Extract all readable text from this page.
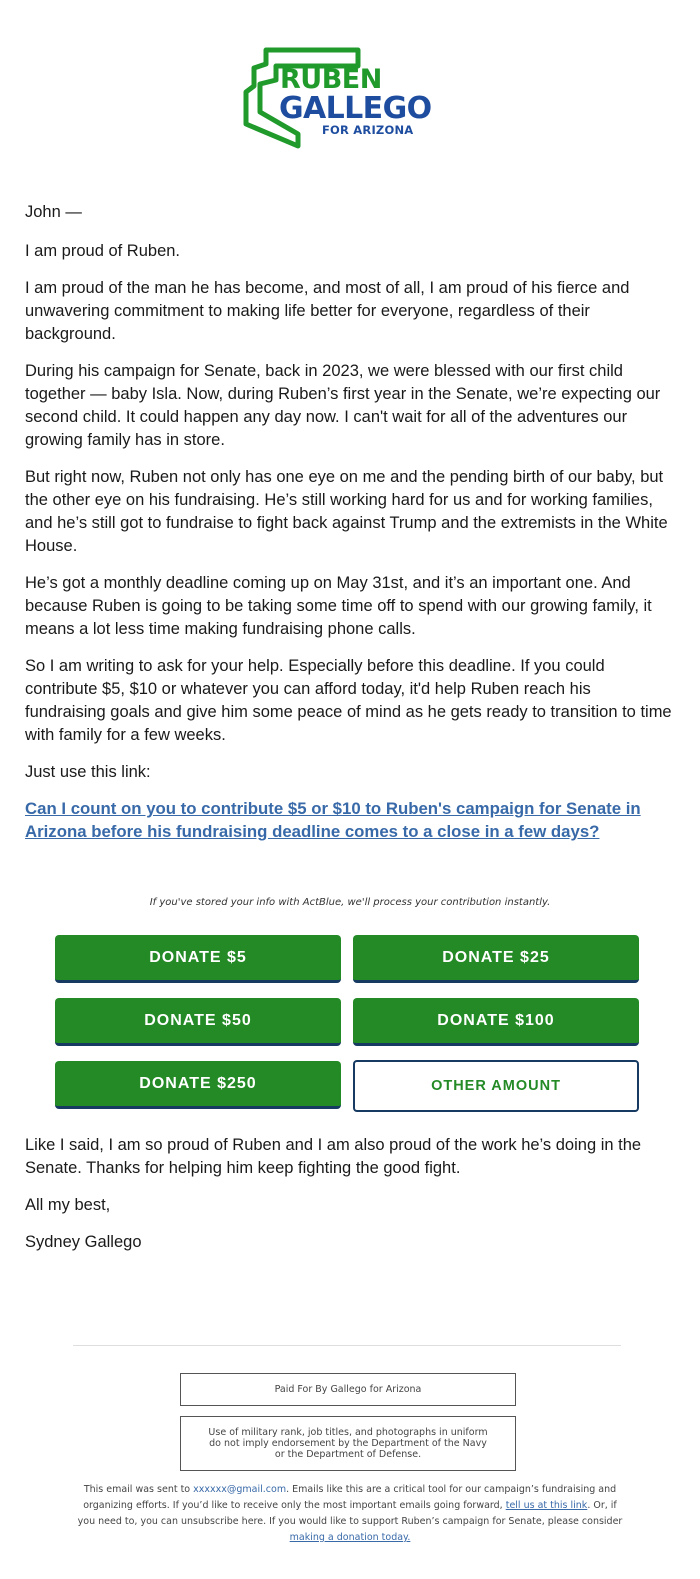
RUBEN
GALLEGO
FOR ARIZONA

John —

I am proud of Ruben.

I am proud of the man he has become, and most of all, I am proud of his fierce and unwavering commitment to making life better for everyone, regardless of their background.

During his campaign for Senate, back in 2023, we were blessed with our first child together — baby Isla. Now, during Ruben’s first year in the Senate, we’re expecting our second child. It could happen any day now. I can't wait for all of the adventures our growing family has in store.

But right now, Ruben not only has one eye on me and the pending birth of our baby, but the other eye on his fundraising. He’s still working hard for us and for working families, and he’s still got to fundraise to fight back against Trump and the extremists in the White House.

He’s got a monthly deadline coming up on May 31st, and it’s an important one. And because Ruben is going to be taking some time off to spend with our growing family, it means a lot less time making fundraising phone calls.

So I am writing to ask for your help. Especially before this deadline. If you could contribute $5, $10 or whatever you can afford today, it'd help Ruben reach his fundraising goals and give him some peace of mind as he gets ready to transition to time with family for a few weeks.

Just use this link:

Can I count on you to contribute $5 or $10 to Ruben's campaign for Senate in Arizona before his fundraising deadline comes to a close in a few days?
If you've stored your info with ActBlue, we'll process your contribution instantly.
DONATE $5	DONATE $25
DONATE $50	DONATE $100
DONATE $250	OTHER AMOUNT

Like I said, I am so proud of Ruben and I am also proud of the work he’s doing in the Senate. Thanks for helping him keep fighting the good fight.

All my best,

Sydney Gallego

Paid For By Gallego for Arizona
Use of military rank, job titles, and photographs in uniform do not imply endorsement by the Department of the Navy or the Department of Defense.
This email was sent to xxxxxx@gmail.com. Emails like this are a critical tool for our campaign’s fundraising and organizing efforts. If you’d like to receive only the most important emails going forward, tell us at this link. Or, if you need to, you can unsubscribe here. If you would like to support Ruben’s campaign for Senate, please consider making a donation today.
